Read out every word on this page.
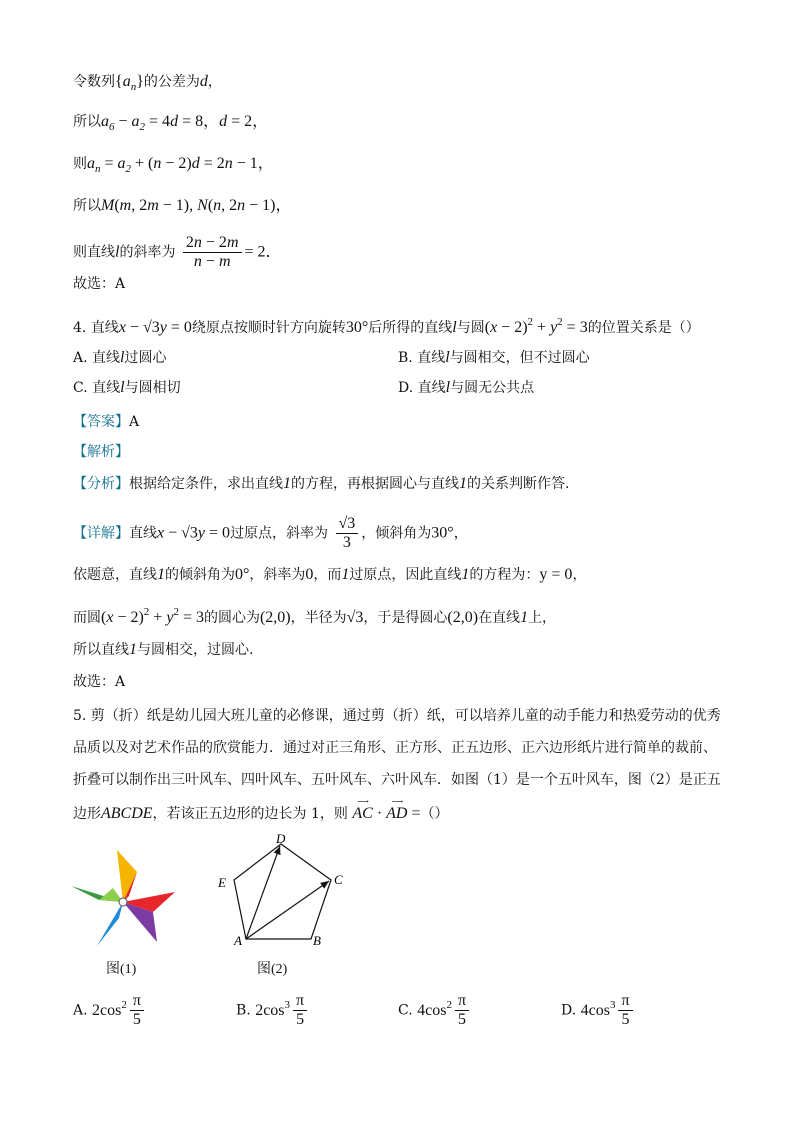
令数列$\{a_n\}$的公差为d，
所以$a_6 - a_2 = 4d = 8$，d = 2，
则$a_n = a_2 + (n - 2)d = 2n - 1$，
所以M(m, 2m − 1), N(n, 2n − 1)，
则直线l的斜率为 $\frac{2n - 2m}{n - m} = 2$．
故选：A
4. 直线x − √3y = 0绕原点按顺时针方向旋转30°后所得的直线l与圆$(x - 2)^2 + y^2 = 3$的位置关系是（）
A. 直线l过圆心	B. 直线l与圆相交，但不过圆心
C. 直线l与圆相切	D. 直线l与圆无公共点
【答案】A
【解析】
【分析】根据给定条件，求出直线1的方程，再根据圆心与直线1的关系判断作答.
【详解】直线x − √3y = 0过原点，斜率为 $\frac{√3}{3}$ ，倾斜角为30°，
依题意，直线1的倾斜角为0°，斜率为0，而1过原点，因此直线1的方程为：y = 0，
而圆$(x - 2)^2 + y^2 = 3$的圆心为(2,0)，半径为√3，于是得圆心(2,0)在直线1上，
所以直线1与圆相交，过圆心.
故选：A
5. 剪（折）纸是幼儿园大班儿童的必修课，通过剪（折）纸，可以培养儿童的动手能力和热爱劳动的优秀
品质以及对艺术作品的欣赏能力．通过对正三角形、正方形、正五边形、正六边形纸片进行简单的裁前、
折叠可以制作出三叶风车、四叶风车、五叶风车、六叶风车．如图（1）是一个五叶风车，图（2）是正五
边形ABCDE，若该正五边形的边长为 1，则
⟶
AC ·
⟶
AD =（）
图(1)
A	B
C
D
E
图(2)
A. $2\cos^2 \frac{\pi}{5}$	B. $2\cos^3 \frac{\pi}{5}$	C. $4\cos^2 \frac{\pi}{5}$	D. $4\cos^3 \frac{\pi}{5}$
